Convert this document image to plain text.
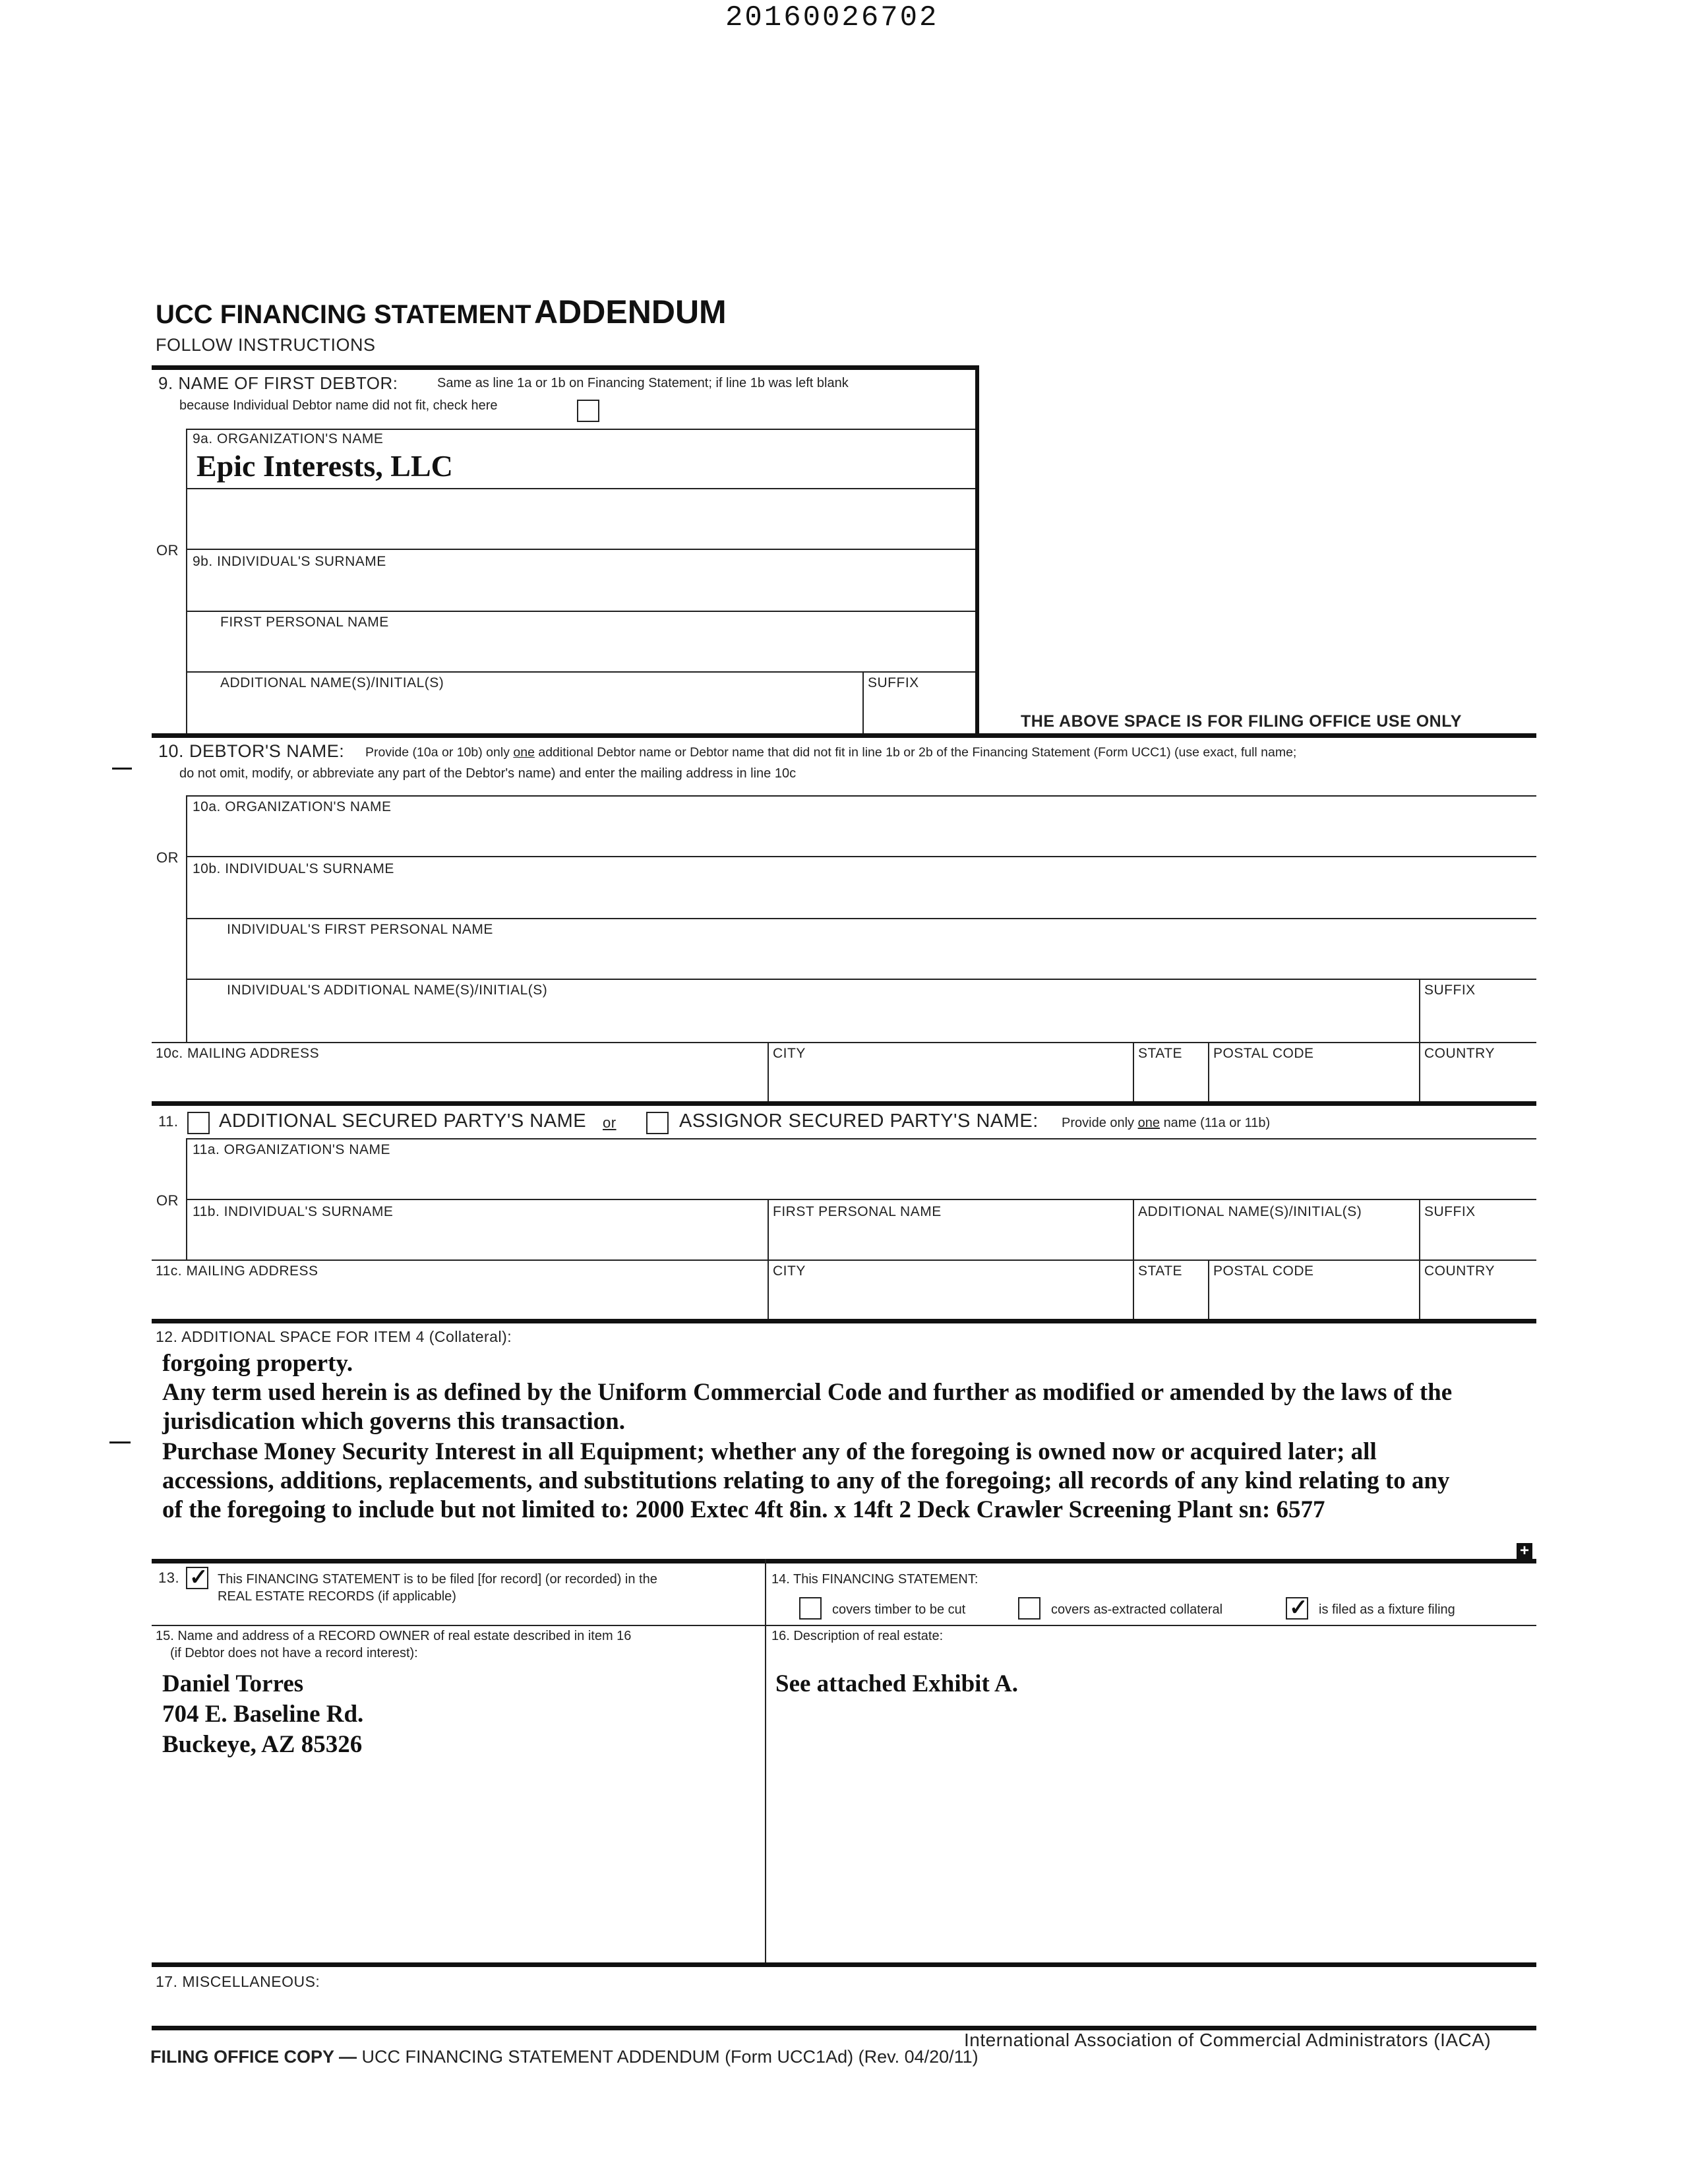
20160026702
UCC FINANCING STATEMENT ADDENDUM
FOLLOW INSTRUCTIONS
9. NAME OF FIRST DEBTOR:	Same as line 1a or 1b on Financing Statement; if line 1b was left blank
because Individual Debtor name did not fit, check here
9a. ORGANIZATION'S NAME
Epic Interests, LLC
OR
9b. INDIVIDUAL'S SURNAME
FIRST PERSONAL NAME
ADDITIONAL NAME(S)/INITIAL(S)	SUFFIX
THE ABOVE SPACE IS FOR FILING OFFICE USE ONLY
10. DEBTOR'S NAME: Provide (10a or 10b) only one additional Debtor name or Debtor name that did not fit in line 1b or 2b of the Financing Statement (Form UCC1) (use exact, full name;
do not omit, modify, or abbreviate any part of the Debtor's name) and enter the mailing address in line 10c
10a. ORGANIZATION'S NAME
OR
10b. INDIVIDUAL'S SURNAME
INDIVIDUAL'S FIRST PERSONAL NAME
INDIVIDUAL'S ADDITIONAL NAME(S)/INITIAL(S)	SUFFIX
10c. MAILING ADDRESS	CITY	STATE POSTAL CODE	COUNTRY
11. ADDITIONAL SECURED PARTY'S NAME or	ASSIGNOR SECURED PARTY'S NAME: Provide only one name (11a or 11b)
11a. ORGANIZATION'S NAME
OR
11b. INDIVIDUAL'S SURNAME	FIRST PERSONAL NAME	ADDITIONAL NAME(S)/INITIAL(S)	SUFFIX
11c. MAILING ADDRESS	CITY	STATE POSTAL CODE	COUNTRY
12. ADDITIONAL SPACE FOR ITEM 4 (Collateral):
forgoing property.
Any term used herein is as defined by the Uniform Commercial Code and further as modified or amended by the laws of the
jurisdication which governs this transaction.
Purchase Money Security Interest in all Equipment; whether any of the foregoing is owned now or acquired later; all
accessions, additions, replacements, and substitutions relating to any of the foregoing; all records of any kind relating to any
of the foregoing to include but not limited to: 2000 Extec 4ft 8in. x 14ft 2 Deck Crawler Screening Plant sn: 6577
+
13. ✓	This FINANCING STATEMENT is to be filed [for record] (or recorded) in the
REAL ESTATE RECORDS (if applicable)
14. This FINANCING STATEMENT:
covers timber to be cut	covers as-extracted collateral ✓	is filed as a fixture filing
15. Name and address of a RECORD OWNER of real estate described in item 16
(if Debtor does not have a record interest):
Daniel Torres
704 E. Baseline Rd.
Buckeye, AZ 85326
16. Description of real estate:
See attached Exhibit A.
17. MISCELLANEOUS:
International Association of Commercial Administrators (IACA)
FILING OFFICE COPY — UCC FINANCING STATEMENT ADDENDUM (Form UCC1Ad) (Rev. 04/20/11)
